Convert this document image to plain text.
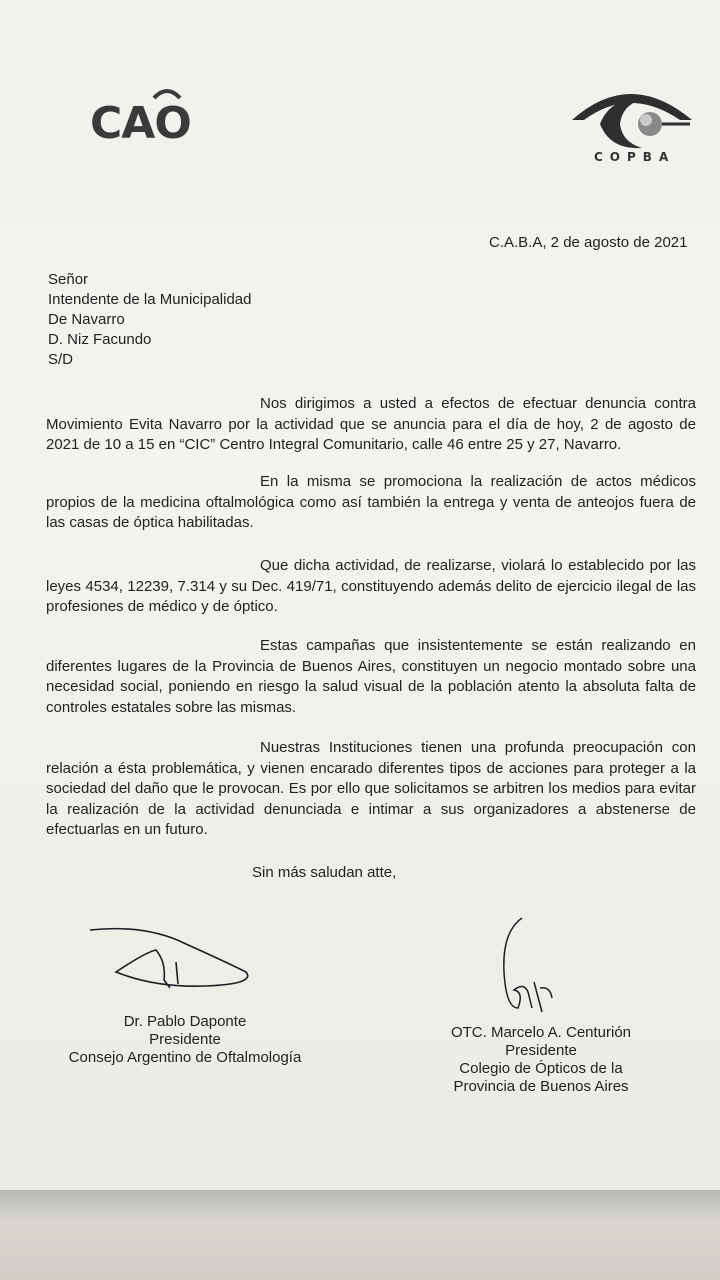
CAO
COPBA
C.A.B.A, 2 de agosto de 2021
Señor
Intendente de la Municipalidad
De Navarro
D. Niz Facundo
S/D
Nos dirigimos a usted a efectos de efectuar denuncia contra Movimiento Evita Navarro por la actividad que se anuncia para el día de hoy, 2 de agosto de 2021 de 10 a 15 en “CIC” Centro Integral Comunitario, calle 46 entre 25 y 27, Navarro.
En la misma se promociona la realización de actos médicos propios de la medicina oftalmológica como así también la entrega y venta de anteojos fuera de las casas de óptica habilitadas.
Que dicha actividad, de realizarse, violará lo establecido por las leyes 4534, 12239, 7.314 y su Dec. 419/71, constituyendo además delito de ejercicio ilegal de las profesiones de médico y de óptico.
Estas campañas que insistentemente se están realizando en diferentes lugares de la Provincia de Buenos Aires, constituyen un negocio montado sobre una necesidad social, poniendo en riesgo la salud visual de la población atento la absoluta falta de controles estatales sobre las mismas.
Nuestras Instituciones tienen una profunda preocupación con relación a ésta problemática, y vienen encarado diferentes tipos de acciones para proteger a la sociedad del daño que le provocan. Es por ello que solicitamos se arbitren los medios para evitar la realización de la actividad denunciada e intimar a sus organizadores a abstenerse de efectuarlas en un futuro.
Sin más saludan atte,
Dr. Pablo Daponte
Presidente
Consejo Argentino de Oftalmología
OTC. Marcelo A. Centurión
Presidente
Colegio de Ópticos de la
Provincia de Buenos Aires
